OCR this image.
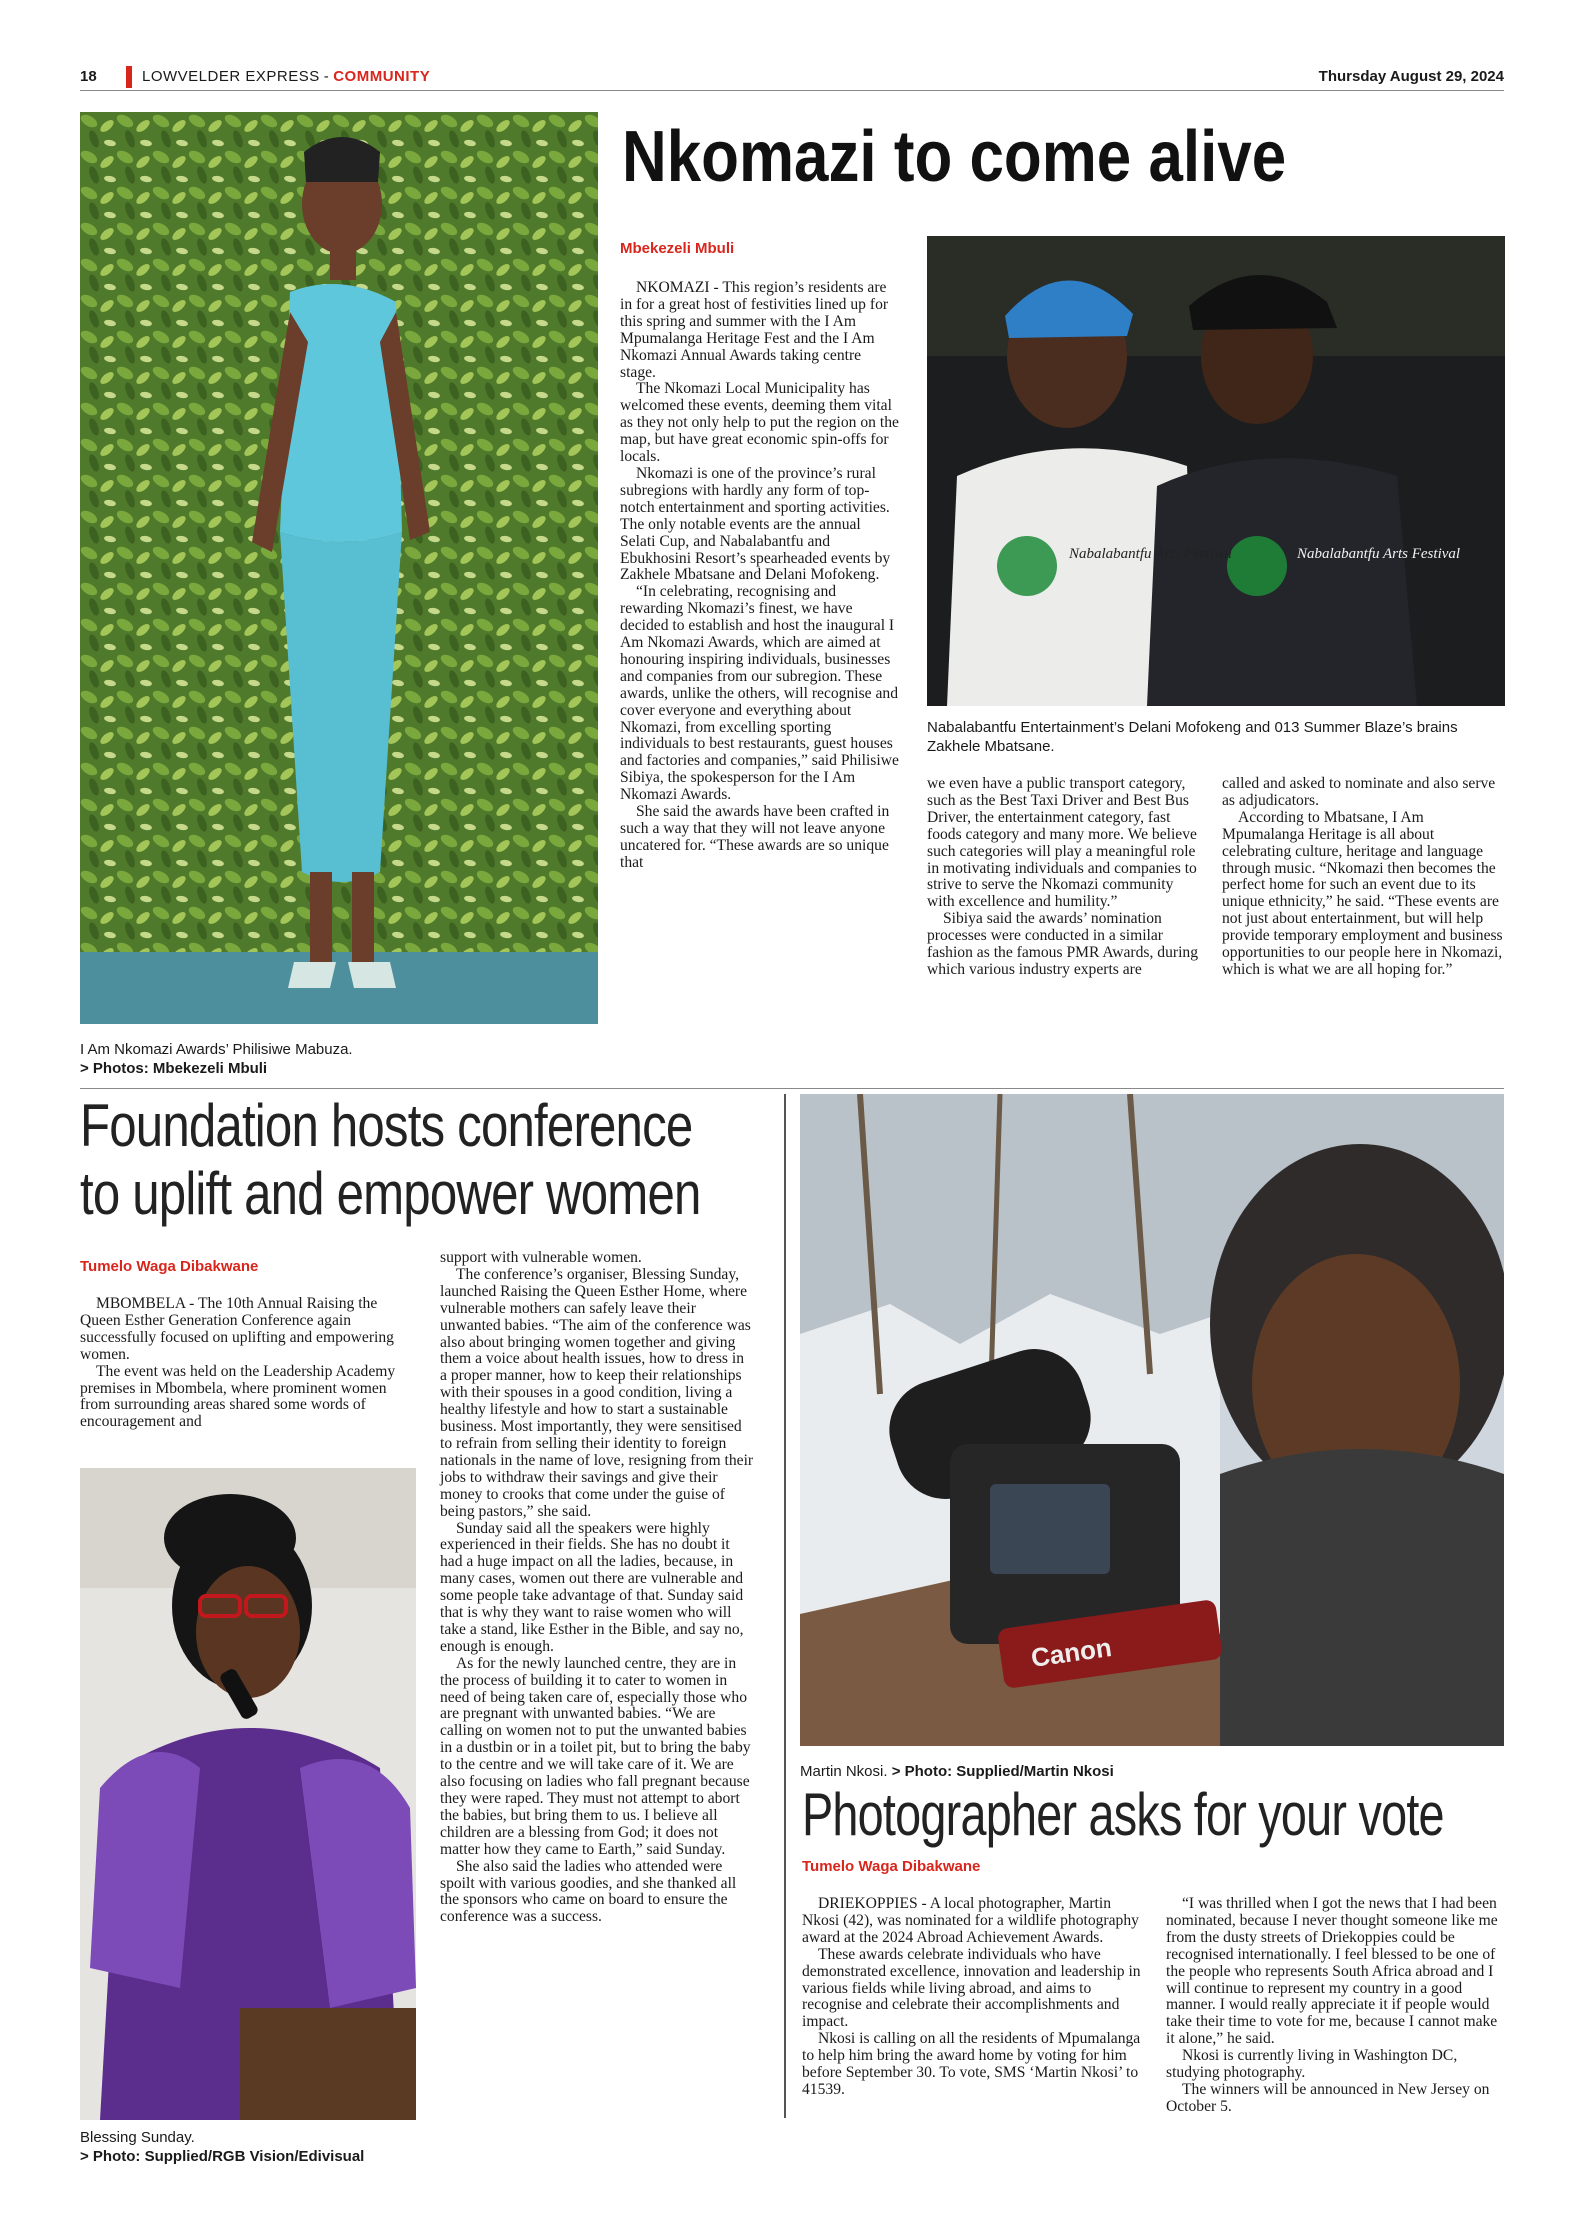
18	LOWVELDER EXPRESS - COMMUNITY	Thursday August 29, 2024
I Am Nkomazi Awards’ Philisiwe Mabuza.
> Photos: Mbekezeli Mbuli
Nkomazi to come alive
Mbekezeli Mbuli

NKOMAZI - This region’s residents are in for a great host of festivities lined up for this spring and summer with the I Am Mpumalanga Heritage Fest and the I Am Nkomazi Annual Awards taking centre stage.

The Nkomazi Local Municipality has welcomed these events, deeming them vital as they not only help to put the region on the map, but have great economic spin-offs for locals.

Nkomazi is one of the province’s rural subregions with hardly any form of top-notch entertainment and sporting activities. The only notable events are the annual Selati Cup, and Nabalabantfu and Ebukhosini Resort’s spearheaded events by Zakhele Mbatsane and Delani Mofokeng.

“In celebrating, recognising and rewarding Nkomazi’s finest, we have decided to establish and host the inaugural I Am Nkomazi Awards, which are aimed at honouring inspiring individuals, businesses and companies from our subregion. These awards, unlike the others, will recognise and cover everyone and everything about Nkomazi, from excelling sporting individuals to best restaurants, guest houses and factories and companies,” said Philisiwe Sibiya, the spokesperson for the I Am Nkomazi Awards.

She said the awards have been crafted in such a way that they will not leave anyone uncatered for. “These awards are so unique that

Nabalabantfu Arts Festival	Nabalabantfu Arts Festival
Nabalabantfu Entertainment’s Delani Mofokeng and 013 Summer Blaze’s brains Zakhele Mbatsane.

we even have a public transport category, such as the Best Taxi Driver and Best Bus Driver, the entertainment category, fast foods category and many more. We believe such categories will play a meaningful role in motivating individuals and companies to strive to serve the Nkomazi community with excellence and humility.”

Sibiya said the awards’ nomination processes were conducted in a similar fashion as the famous PMR Awards, during which various industry experts are

called and asked to nominate and also serve as adjudicators.

According to Mbatsane, I Am Mpumalanga Heritage is all about celebrating culture, heritage and language through music. “Nkomazi then becomes the perfect home for such an event due to its unique ethnicity,” he said. “These events are not just about entertainment, but will help provide temporary employment and business opportunities to our people here in Nkomazi, which is what we are all hoping for.”

Foundation hosts conference
to uplift and empower women
Tumelo Waga Dibakwane

MBOMBELA - The 10th Annual Raising the Queen Esther Generation Conference again successfully focused on uplifting and empowering women.

The event was held on the Leadership Academy premises in Mbombela, where prominent women from surrounding areas shared some words of encouragement and

Blessing Sunday.
> Photo: Supplied/RGB Vision/Edivisual

support with vulnerable women.

The conference’s organiser, Blessing Sunday, launched Raising the Queen Esther Home, where vulnerable mothers can safely leave their unwanted babies. “The aim of the conference was also about bringing women together and giving them a voice about health issues, how to dress in a proper manner, how to keep their relationships with their spouses in a good condition, living a healthy lifestyle and how to start a sustainable business. Most importantly, they were sensitised to refrain from selling their identity to foreign nationals in the name of love, resigning from their jobs to withdraw their savings and give their money to crooks that come under the guise of being pastors,” she said.

Sunday said all the speakers were highly experienced in their fields. She has no doubt it had a huge impact on all the ladies, because, in many cases, women out there are vulnerable and some people take advantage of that. Sunday said that is why they want to raise women who will take a stand, like Esther in the Bible, and say no, enough is enough.

As for the newly launched centre, they are in the process of building it to cater to women in need of being taken care of, especially those who are pregnant with unwanted babies. “We are calling on women not to put the unwanted babies in a dustbin or in a toilet pit, but to bring the baby to the centre and we will take care of it. We are also focusing on ladies who fall pregnant because they were raped. They must not attempt to abort the babies, but bring them to us. I believe all children are a blessing from God; it does not matter how they came to Earth,” said Sunday.

She also said the ladies who attended were spoilt with various goodies, and she thanked all the sponsors who came on board to ensure the conference was a success.

Canon
Martin Nkosi. > Photo: Supplied/Martin Nkosi
Photographer asks for your vote
Tumelo Waga Dibakwane

DRIEKOPPIES - A local photographer, Martin Nkosi (42), was nominated for a wildlife photography award at the 2024 Abroad Achievement Awards.

These awards celebrate individuals who have demonstrated excellence, innovation and leadership in various fields while living abroad, and aims to recognise and celebrate their accomplishments and impact.

Nkosi is calling on all the residents of Mpumalanga to help him bring the award home by voting for him before September 30. To vote, SMS ‘Martin Nkosi’ to 41539.

“I was thrilled when I got the news that I had been nominated, because I never thought someone like me from the dusty streets of Driekoppies could be recognised internationally. I feel blessed to be one of the people who represents South Africa abroad and I will continue to represent my country in a good manner. I would really appreciate it if people would take their time to vote for me, because I cannot make it alone,” he said.

Nkosi is currently living in Washington DC, studying photography.

The winners will be announced in New Jersey on October 5.
